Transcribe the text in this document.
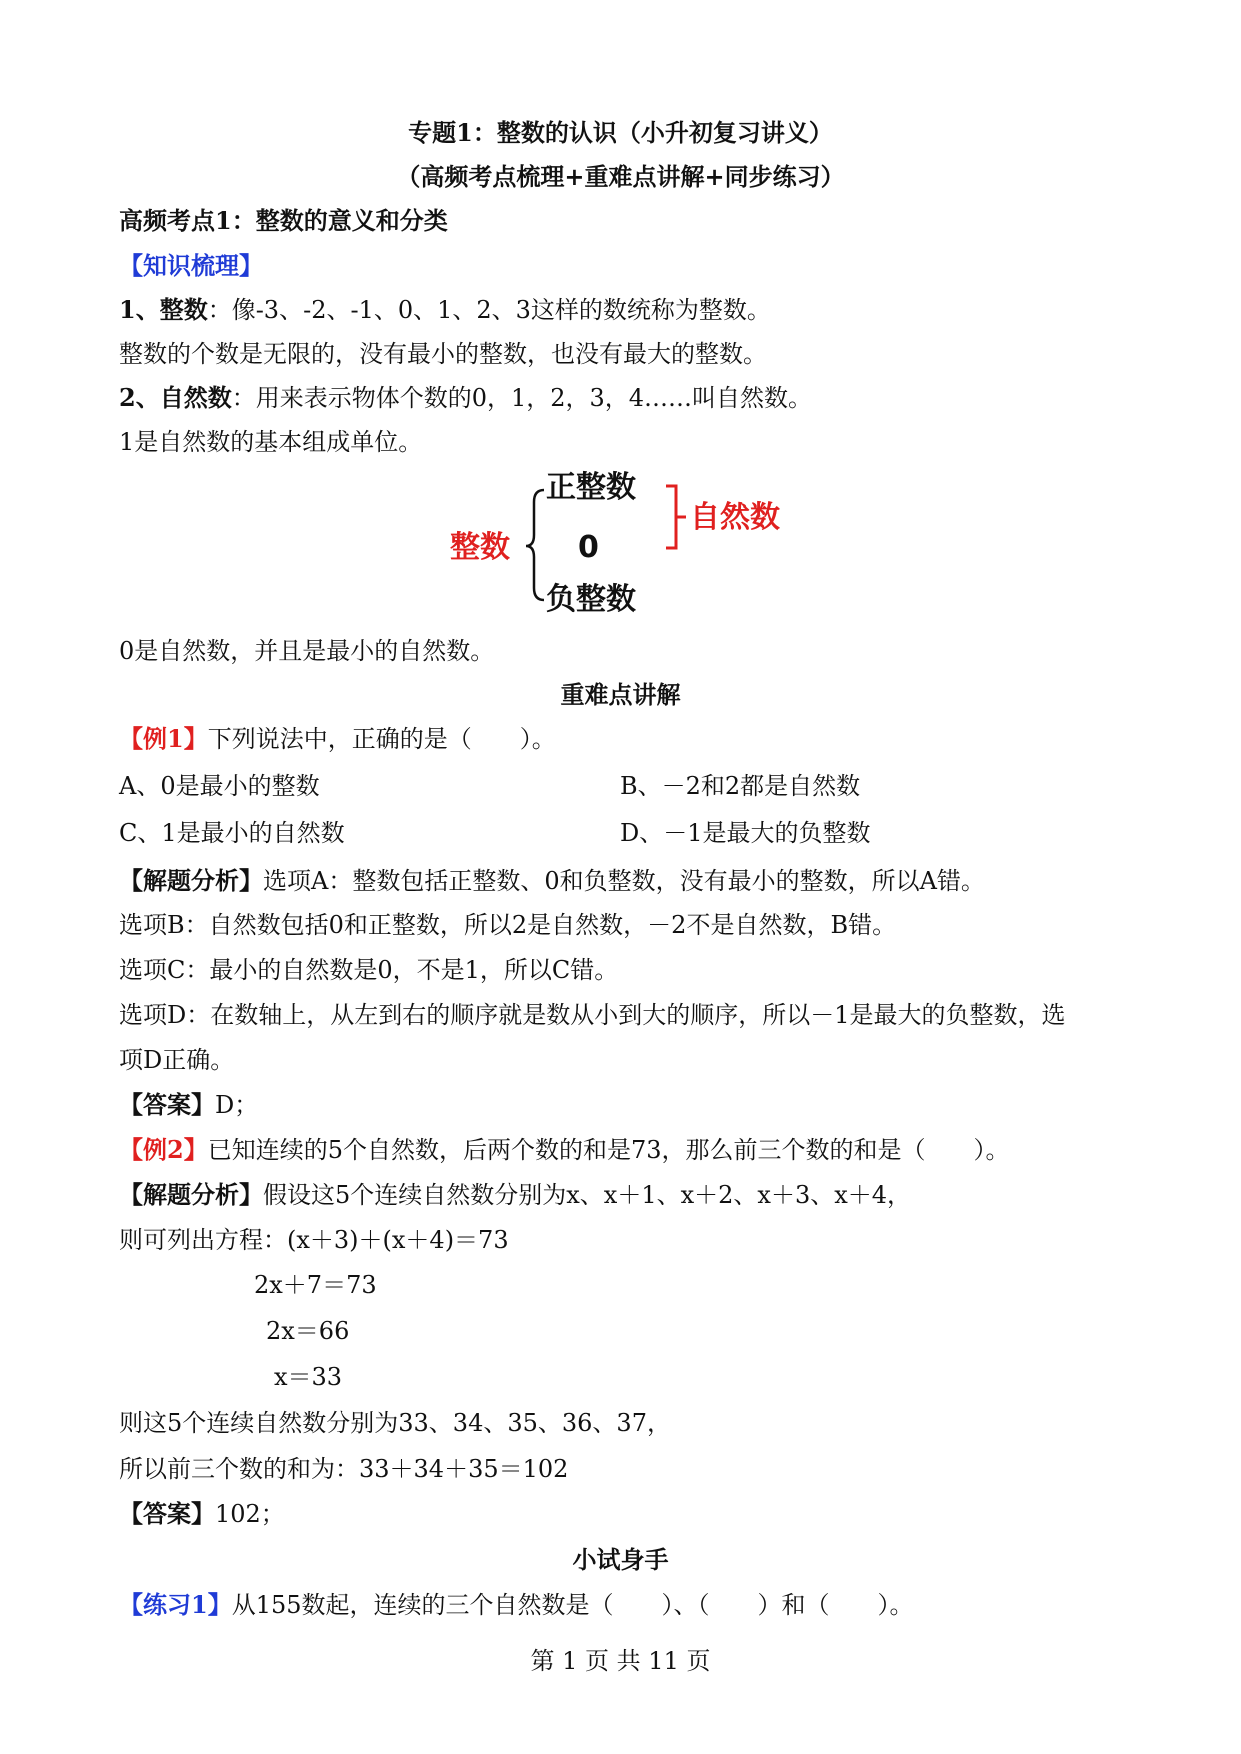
专题1：整数的认识（小升初复习讲义）
（高频考点梳理+重难点讲解+同步练习）
高频考点1：整数的意义和分类
【知识梳理】
1、整数：像-3、-2、-1、0、1、2、3这样的数统称为整数。
整数的个数是无限的，没有最小的整数，也没有最大的整数。
2、自然数：用来表示物体个数的0，1，2，3，4……叫自然数。
1是自然数的基本组成单位。
整数
正整数
0
负整数
自然数
0是自然数，并且是最小的自然数。
重难点讲解
【例1】下列说法中，正确的是（　　）。
A、0是最小的整数	B、－2和2都是自然数
C、1是最小的自然数	D、－1是最大的负整数
【解题分析】选项A：整数包括正整数、0和负整数，没有最小的整数，所以A错。
选项B：自然数包括0和正整数，所以2是自然数，－2不是自然数，B错。
选项C：最小的自然数是0，不是1，所以C错。
选项D：在数轴上，从左到右的顺序就是数从小到大的顺序，所以－1是最大的负整数，选
项D正确。
【答案】D；
【例2】已知连续的5个自然数，后两个数的和是73，那么前三个数的和是（　　）。
【解题分析】假设这5个连续自然数分别为x、x＋1、x＋2、x＋3、x＋4，
则可列出方程：(x＋3)＋(x＋4)＝73
2x＋7＝73
2x＝66
x＝33
则这5个连续自然数分别为33、34、35、36、37，
所以前三个数的和为：33＋34＋35＝102
【答案】102；
小试身手
【练习1】从155数起，连续的三个自然数是（　　）、（　　）和（　　）。
第 1 页 共 11 页
